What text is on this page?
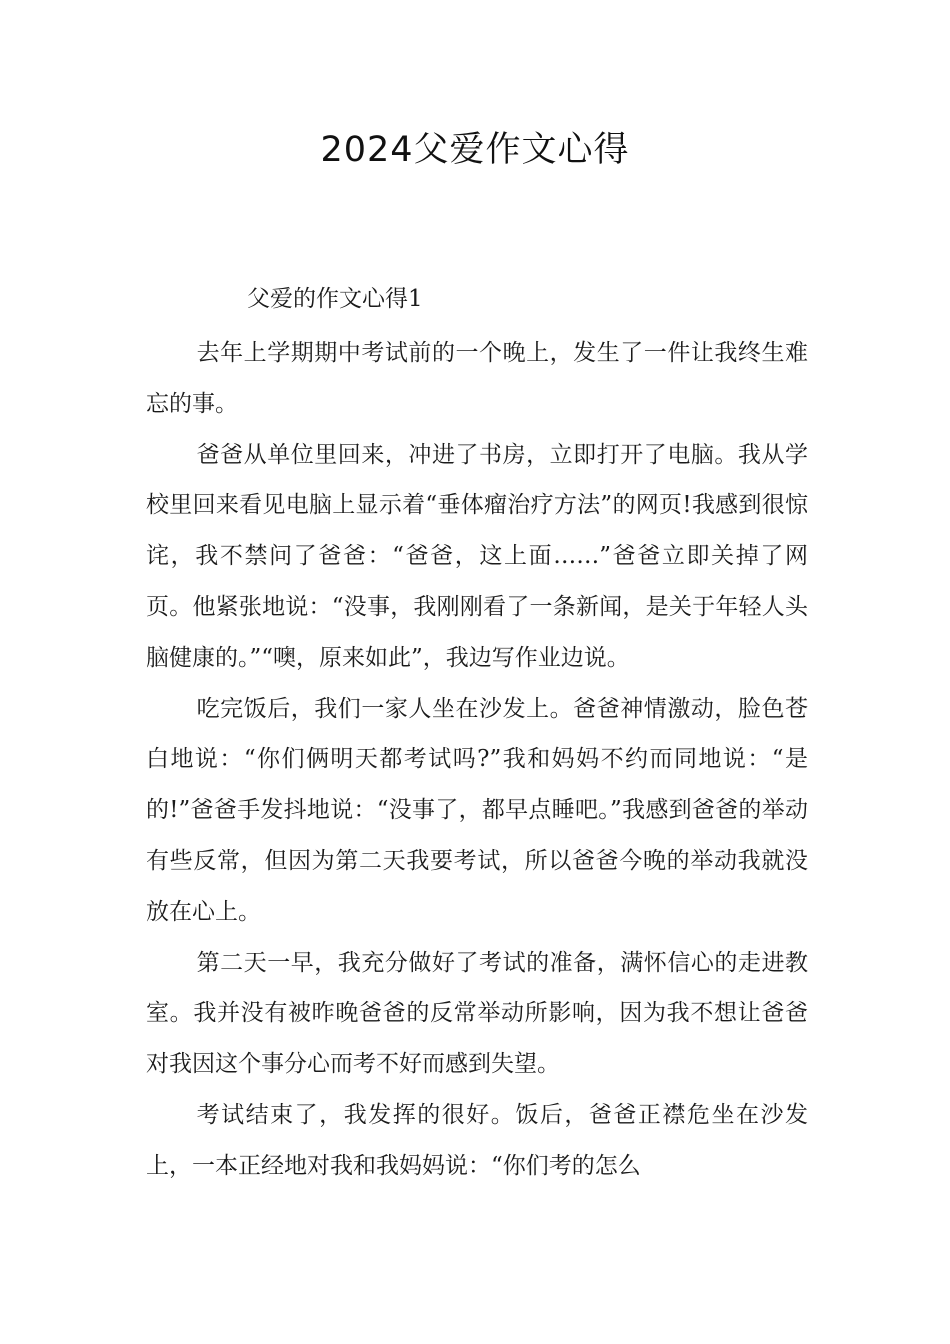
2024父爱作文心得
父爱的作文心得1

去年上学期期中考试前的一个晚上，发生了一件让我终生难忘的事。

爸爸从单位里回来，冲进了书房，立即打开了电脑。我从学校里回来看见电脑上显示着“垂体瘤治疗方法”的网页!我感到很惊诧，我不禁问了爸爸：“爸爸，这上面……”爸爸立即关掉了网页。他紧张地说：“没事，我刚刚看了一条新闻，是关于年轻人头脑健康的。”“噢，原来如此”，我边写作业边说。

吃完饭后，我们一家人坐在沙发上。爸爸神情激动，脸色苍白地说：“你们俩明天都考试吗?”我和妈妈不约而同地说：“是的!”爸爸手发抖地说：“没事了，都早点睡吧。”我感到爸爸的举动有些反常，但因为第二天我要考试，所以爸爸今晚的举动我就没放在心上。

第二天一早，我充分做好了考试的准备，满怀信心的走进教室。我并没有被昨晚爸爸的反常举动所影响，因为我不想让爸爸对我因这个事分心而考不好而感到失望。

考试结束了，我发挥的很好。饭后，爸爸正襟危坐在沙发上，一本正经地对我和我妈妈说：“你们考的怎么
